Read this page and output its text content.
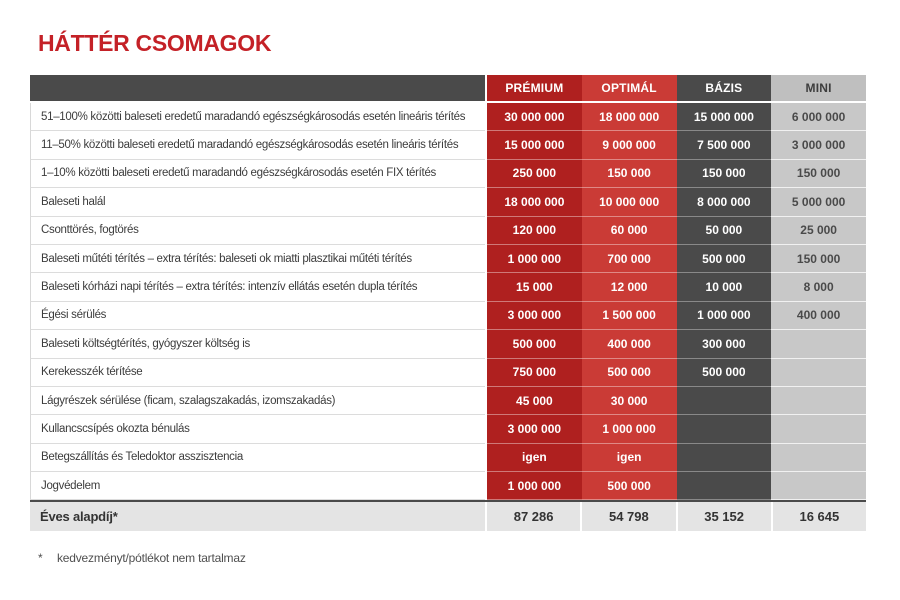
HÁTTÉR CSOMAGOK
PRÉMIUM	OPTIMÁL	BÁZIS	MINI
51–100% közötti baleseti eredetű maradandó egészségkárosodás esetén lineáris térítés	30 000 000	18 000 000	15 000 000	6 000 000
11–50% közötti baleseti eredetű maradandó egészségkárosodás esetén lineáris térítés	15 000 000	9 000 000	7 500 000	3 000 000
1–10% közötti baleseti eredetű maradandó egészségkárosodás esetén FIX térítés	250 000	150 000	150 000	150 000
Baleseti halál	18 000 000	10 000 000	8 000 000	5 000 000
Csonttörés, fogtörés	120 000	60 000	50 000	25 000
Baleseti műtéti térítés – extra térítés: baleseti ok miatti plasztikai műtéti térítés	1 000 000	700 000	500 000	150 000
Baleseti kórházi napi térítés – extra térítés: intenzív ellátás esetén dupla térítés	15 000	12 000	10 000	8 000
Égési sérülés	3 000 000	1 500 000	1 000 000	400 000
Baleseti költségtérítés, gyógyszer költség is	500 000	400 000	300 000
Kerekesszék térítése	750 000	500 000	500 000
Lágyrészek sérülése (ficam, szalagszakadás, izomszakadás)	45 000	30 000
Kullancscsípés okozta bénulás	3 000 000	1 000 000
Betegszállítás és Teledoktor asszisztencia	igen	igen
Jogvédelem	1 000 000	500 000
Éves alapdíj*	87 286	54 798	35 152	16 645
*	kedvezményt/pótlékot nem tartalmaz
